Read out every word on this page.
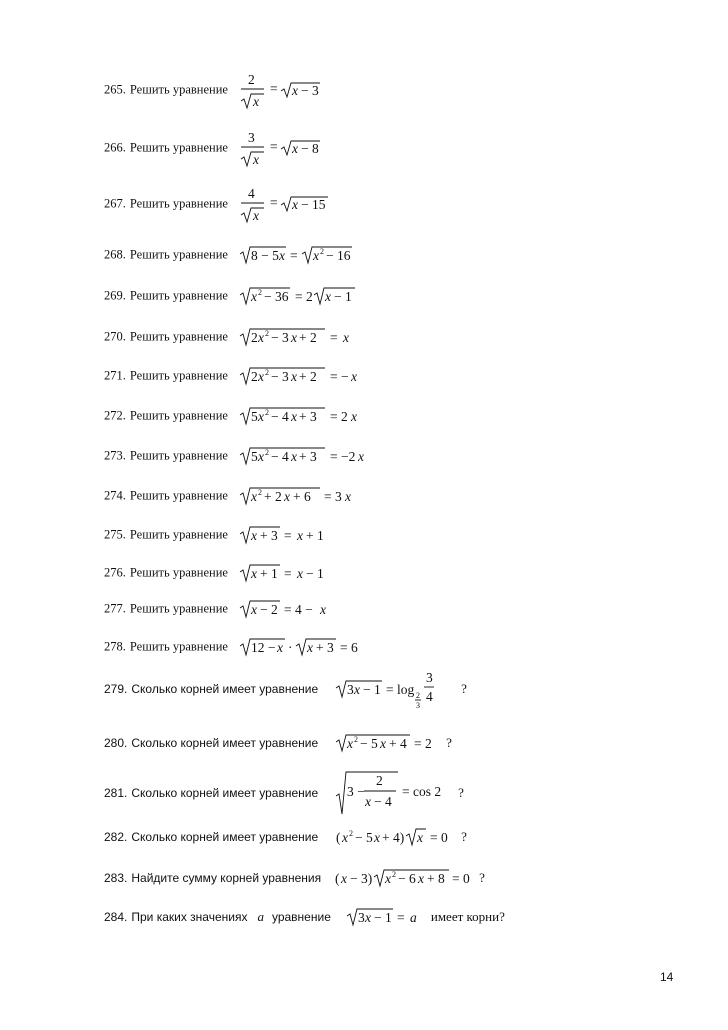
265. Решить уравнение
2
x
= x − 3
266. Решить уравнение
3
x
= x − 8
267. Решить уравнение
4
x
= x − 15
268. Решить уравнение 8 − 5 x = x 2 − 16
269. Решить уравнение x 2 − 36 = 2 x − 1
270. Решить уравнение 2 x 2 − 3 x + 2 = x
271. Решить уравнение 2 x 2 − 3 x + 2 = − x
272. Решить уравнение 5 x 2 − 4 x + 3 = 2 x
273. Решить уравнение 5 x 2 − 4 x + 3 = −2 x
274. Решить уравнение x 2 + 2 x + 6 = 3 x
275. Решить уравнение x + 3 = x + 1
276. Решить уравнение x + 1 = x − 1
277. Решить уравнение x − 2 = 4 − x
278. Решить уравнение 12 − x · x + 3 = 6
279. Сколько корней имеет уравнение 3 x − 1 = log 2
3
3
4
?
280. Сколько корней имеет уравнение x 2 − 5 x + 4 = 2 ?
281. Сколько корней имеет уравнение 3 −
2
x − 4
= cos 2 ?
282. Сколько корней имеет уравнение ( x 2 − 5 x + 4) x = 0 ?
283. Найдите сумму корней уравнения ( x − 3) x 2 − 6 x + 8 = 0 ?
284. При каких значениях a уравнение 3 x − 1 = a имеет корни?
14
